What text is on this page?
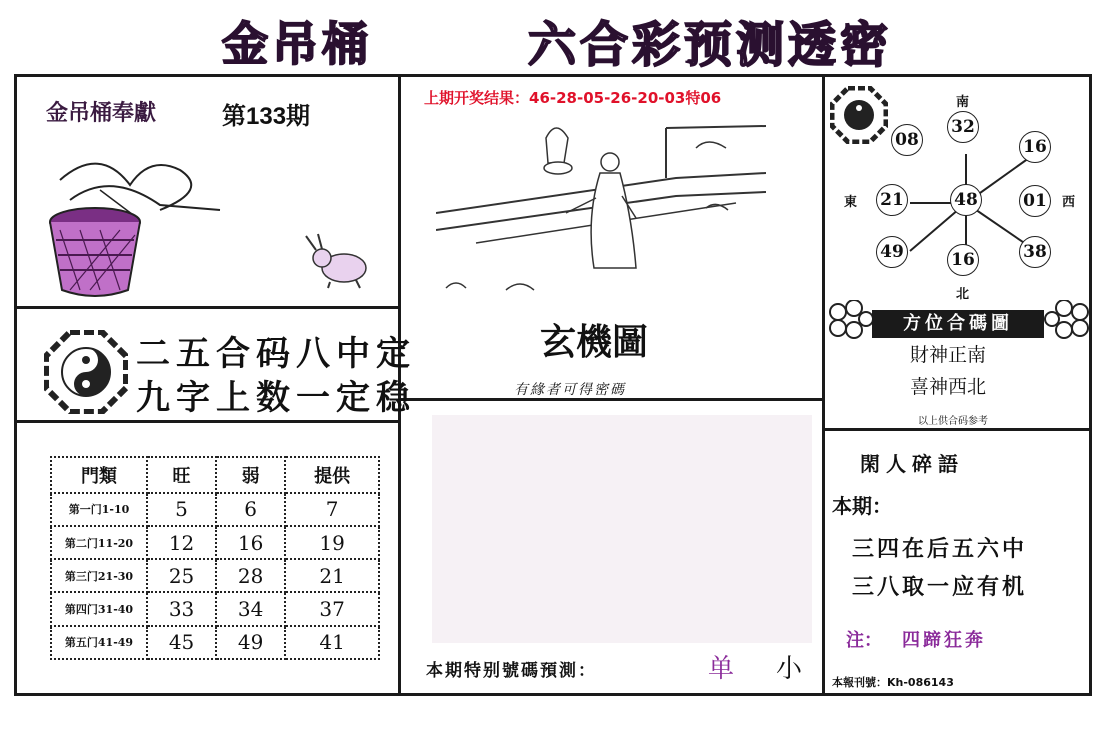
金吊桶	六合彩预测透密
金吊桶奉獻	第133期
二五合码八中定
九字上数一定稳
門類	旺	弱	提供
第一门1-10	5	6	7
第二门11-20	12	16	19
第三门21-30	25	28	21
第四门31-40	33	34	37
第五门41-49	45	49	41
上期开奖结果：46-28-05-26-20-03特06
玄機圖
有緣者可得密碼
本期特别號碼預測：	单 小
南
東	西
北
08
32
16
21	48	01
49	16	38
方位合碼圖
財神正南
喜神西北
以上供合码参考
閑人碎語
本期：
三四在后五六中
三八取一应有机
注： 四蹄狂奔
本報刊號：Kh-086143
